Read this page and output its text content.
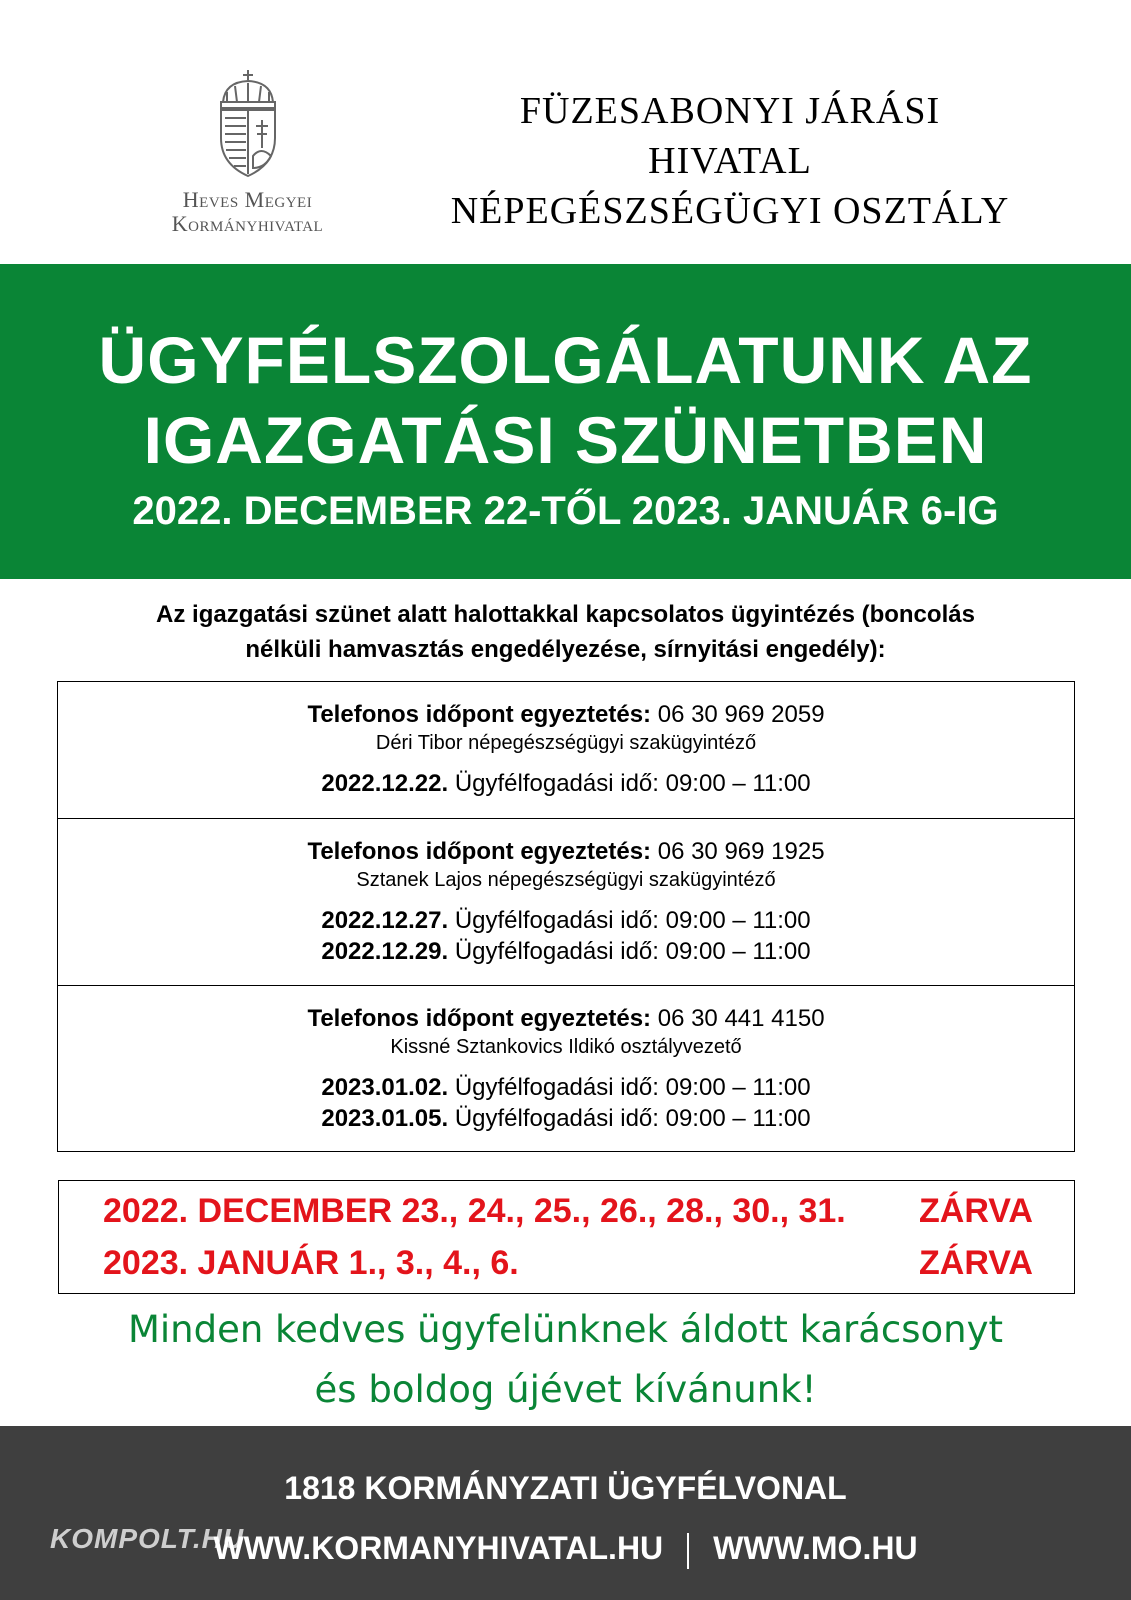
Heves Megyei
Kormányhivatal
FÜZESABONYI JÁRÁSI
HIVATAL
NÉPEGÉSZSÉGÜGYI OSZTÁLY
ÜGYFÉLSZOLGÁLATUNK AZ
IGAZGATÁSI SZÜNETBEN
2022. DECEMBER 22-TŐL 2023. JANUÁR 6-IG
Az igazgatási szünet alatt halottakkal kapcsolatos ügyintézés (boncolás
nélküli hamvasztás engedélyezése, sírnyitási engedély):
Telefonos időpont egyeztetés: 06 30 969 2059
Déri Tibor népegészségügyi szakügyintéző
2022.12.22. Ügyfélfogadási idő: 09:00 – 11:00
Telefonos időpont egyeztetés: 06 30 969 1925
Sztanek Lajos népegészségügyi szakügyintéző
2022.12.27. Ügyfélfogadási idő: 09:00 – 11:00
2022.12.29. Ügyfélfogadási idő: 09:00 – 11:00
Telefonos időpont egyeztetés: 06 30 441 4150
Kissné Sztankovics Ildikó osztályvezető
2023.01.02. Ügyfélfogadási idő: 09:00 – 11:00
2023.01.05. Ügyfélfogadási idő: 09:00 – 11:00
2022. DECEMBER 23., 24., 25., 26., 28., 30., 31. ZÁRVA
2023. JANUÁR 1., 3., 4., 6.	ZÁRVA
Minden kedves ügyfelünknek áldott karácsonyt
és boldog újévet kívánunk!
1818 KORMÁNYZATI ÜGYFÉLVONAL
WWW.KORMANYHIVATAL.HU WWW.MO.HU
KOMPOLT.HU
